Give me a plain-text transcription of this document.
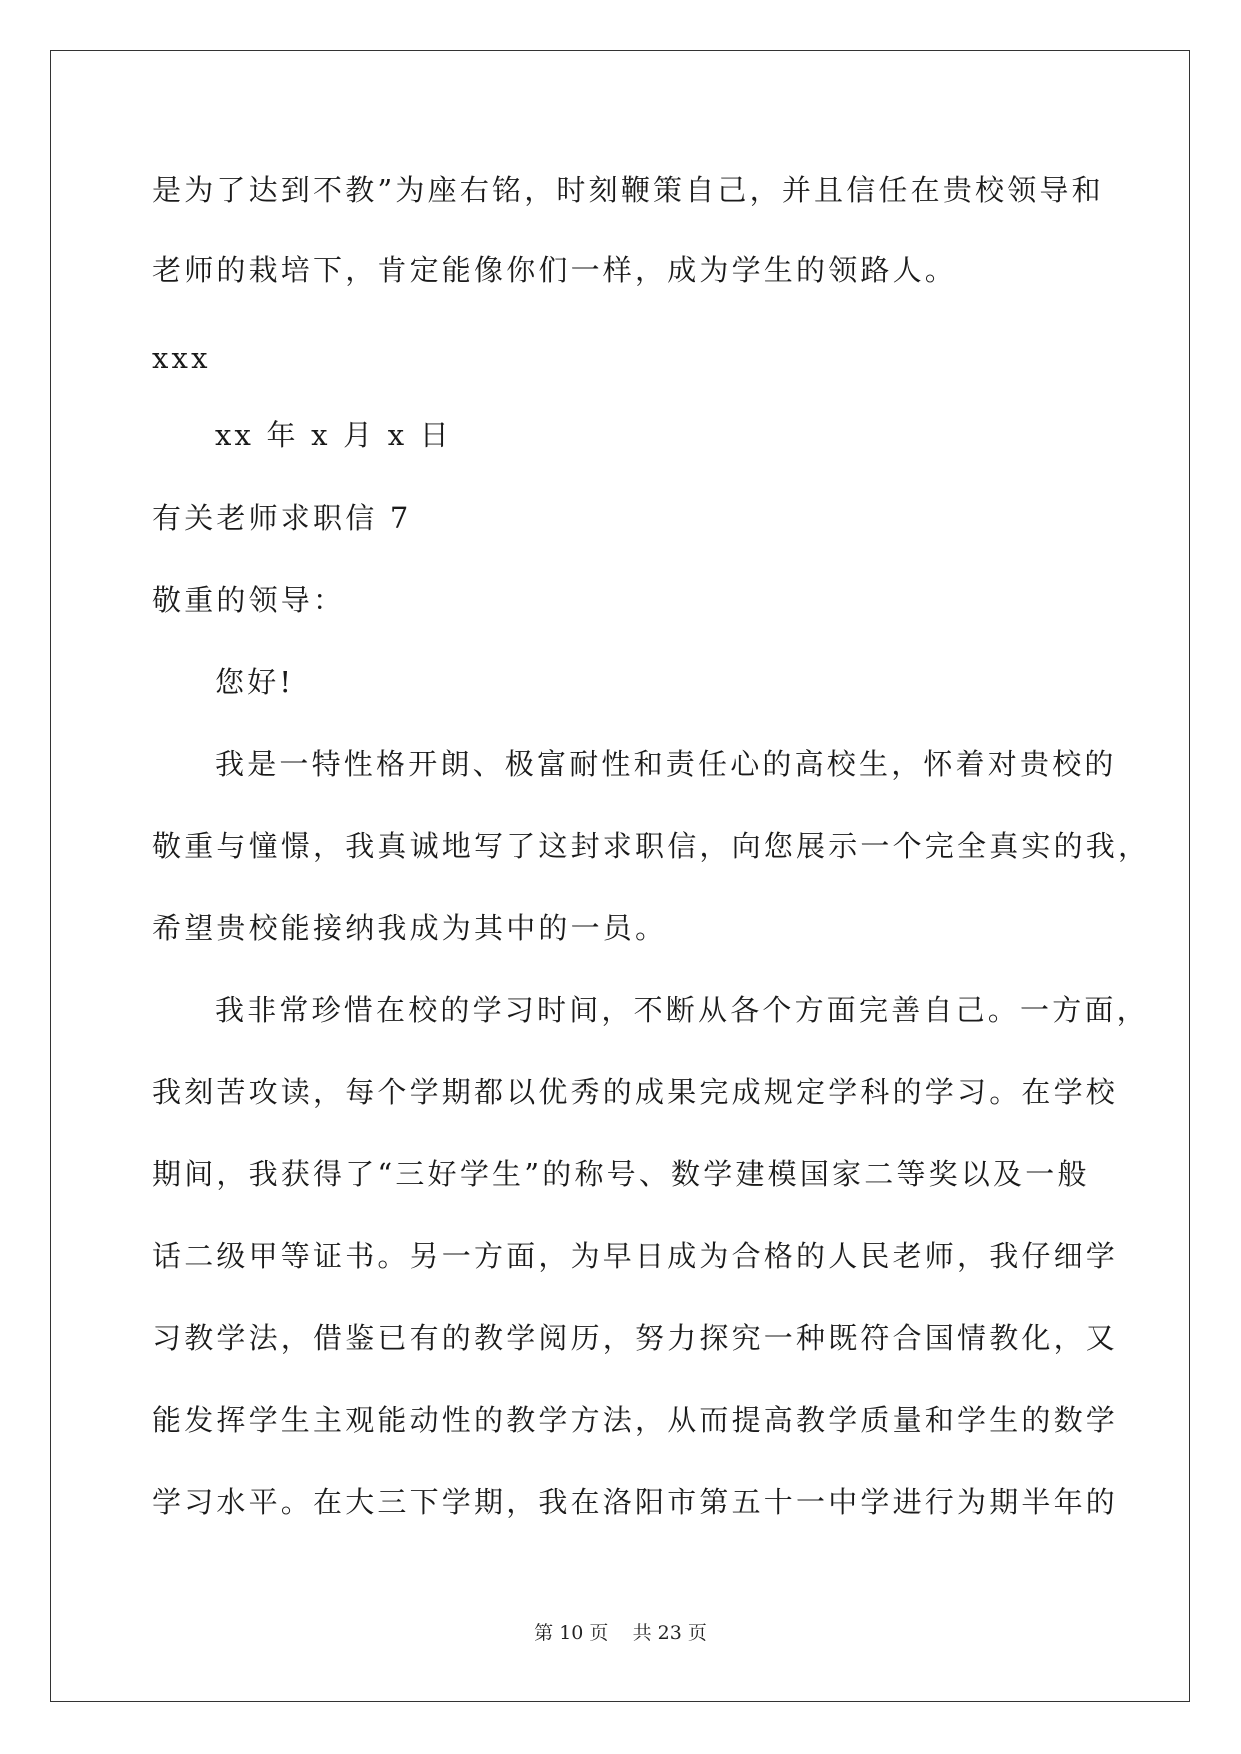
是为了达到不教”为座右铭，时刻鞭策自己，并且信任在贵校领导和
老师的栽培下，肯定能像你们一样，成为学生的领路人。
xxx
xx 年 x 月 x 日
有关老师求职信 7
敬重的领导：
您好!
我是一特性格开朗、极富耐性和责任心的高校生，怀着对贵校的
敬重与憧憬，我真诚地写了这封求职信，向您展示一个完全真实的我，
希望贵校能接纳我成为其中的一员。
我非常珍惜在校的学习时间，不断从各个方面完善自己。一方面，
我刻苦攻读，每个学期都以优秀的成果完成规定学科的学习。在学校
期间，我获得了“三好学生”的称号、数学建模国家二等奖以及一般
话二级甲等证书。另一方面，为早日成为合格的人民老师，我仔细学
习教学法，借鉴已有的教学阅历，努力探究一种既符合国情教化，又
能发挥学生主观能动性的教学方法，从而提高教学质量和学生的数学
学习水平。在大三下学期，我在洛阳市第五十一中学进行为期半年的
第 10 页    共 23 页
